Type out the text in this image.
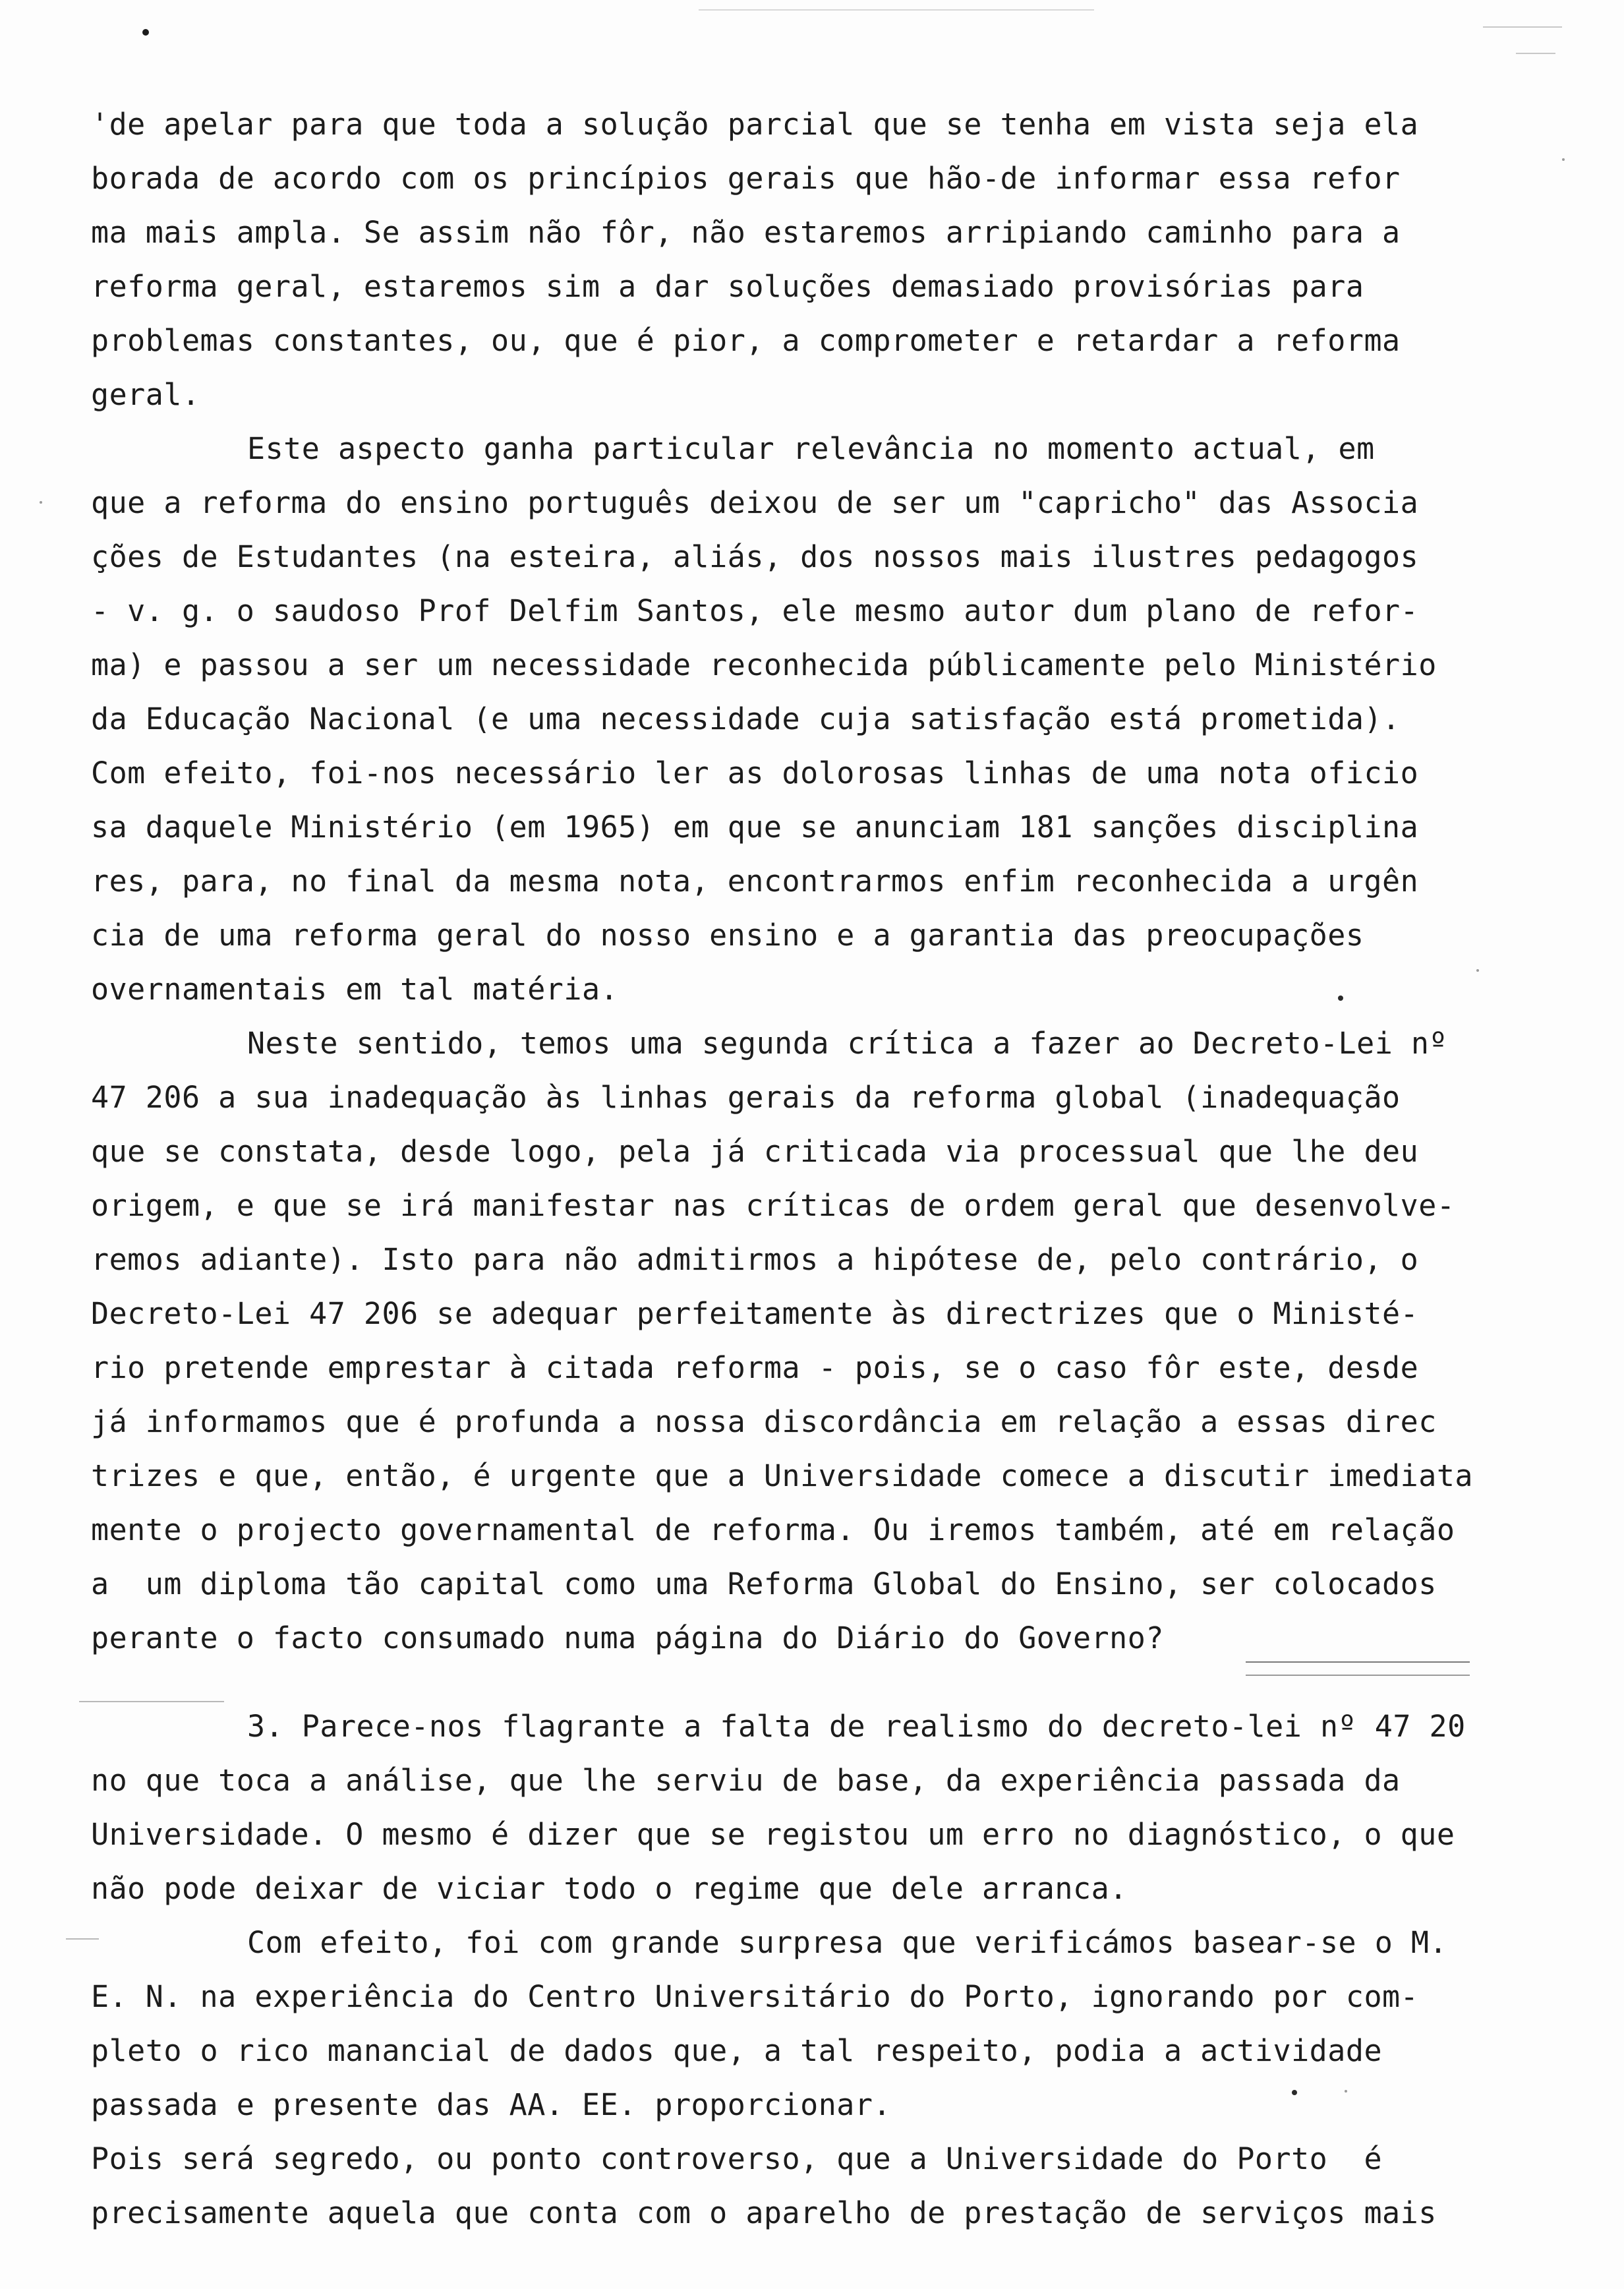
'de apelar para que toda a solução parcial que se tenha em vista seja ela
borada de acordo com os princípios gerais que hão-de informar essa refor
ma mais ampla. Se assim não fôr, não estaremos arripiando caminho para a
reforma geral, estaremos sim a dar soluções demasiado provisórias para
problemas constantes, ou, que é pior, a comprometer e retardar a reforma
geral.
Este aspecto ganha particular relevância no momento actual, em
que a reforma do ensino português deixou de ser um "capricho" das Associa
ções de Estudantes (na esteira, aliás, dos nossos mais ilustres pedagogos
- v. g. o saudoso Prof Delfim Santos, ele mesmo autor dum plano de refor-
ma) e passou a ser um necessidade reconhecida públicamente pelo Ministério
da Educação Nacional (e uma necessidade cuja satisfação está prometida).
Com efeito, foi-nos necessário ler as dolorosas linhas de uma nota oficio
sa daquele Ministério (em 1965) em que se anunciam 181 sanções disciplina
res, para, no final da mesma nota, encontrarmos enfim reconhecida a urgên
cia de uma reforma geral do nosso ensino e a garantia das preocupações
overnamentais em tal matéria.
Neste sentido, temos uma segunda crítica a fazer ao Decreto-Lei nº
47 206 a sua inadequação às linhas gerais da reforma global (inadequação
que se constata, desde logo, pela já criticada via processual que lhe deu
origem, e que se irá manifestar nas críticas de ordem geral que desenvolve-
remos adiante). Isto para não admitirmos a hipótese de, pelo contrário, o
Decreto-Lei 47 206 se adequar perfeitamente às directrizes que o Ministé-
rio pretende emprestar à citada reforma - pois, se o caso fôr este, desde
já informamos que é profunda a nossa discordância em relação a essas direc
trizes e que, então, é urgente que a Universidade comece a discutir imediata
mente o projecto governamental de reforma. Ou iremos também, até em relação
a  um diploma tão capital como uma Reforma Global do Ensino, ser colocados
perante o facto consumado numa página do Diário do Governo?
3. Parece-nos flagrante a falta de realismo do decreto-lei nº 47 20
no que toca a análise, que lhe serviu de base, da experiência passada da
Universidade. O mesmo é dizer que se registou um erro no diagnóstico, o que
não pode deixar de viciar todo o regime que dele arranca.
Com efeito, foi com grande surpresa que verificámos basear-se o M.
E. N. na experiência do Centro Universitário do Porto, ignorando por com-
pleto o rico manancial de dados que, a tal respeito, podia a actividade
passada e presente das AA. EE. proporcionar.
Pois será segredo, ou ponto controverso, que a Universidade do Porto  é
precisamente aquela que conta com o aparelho de prestação de serviços mais
